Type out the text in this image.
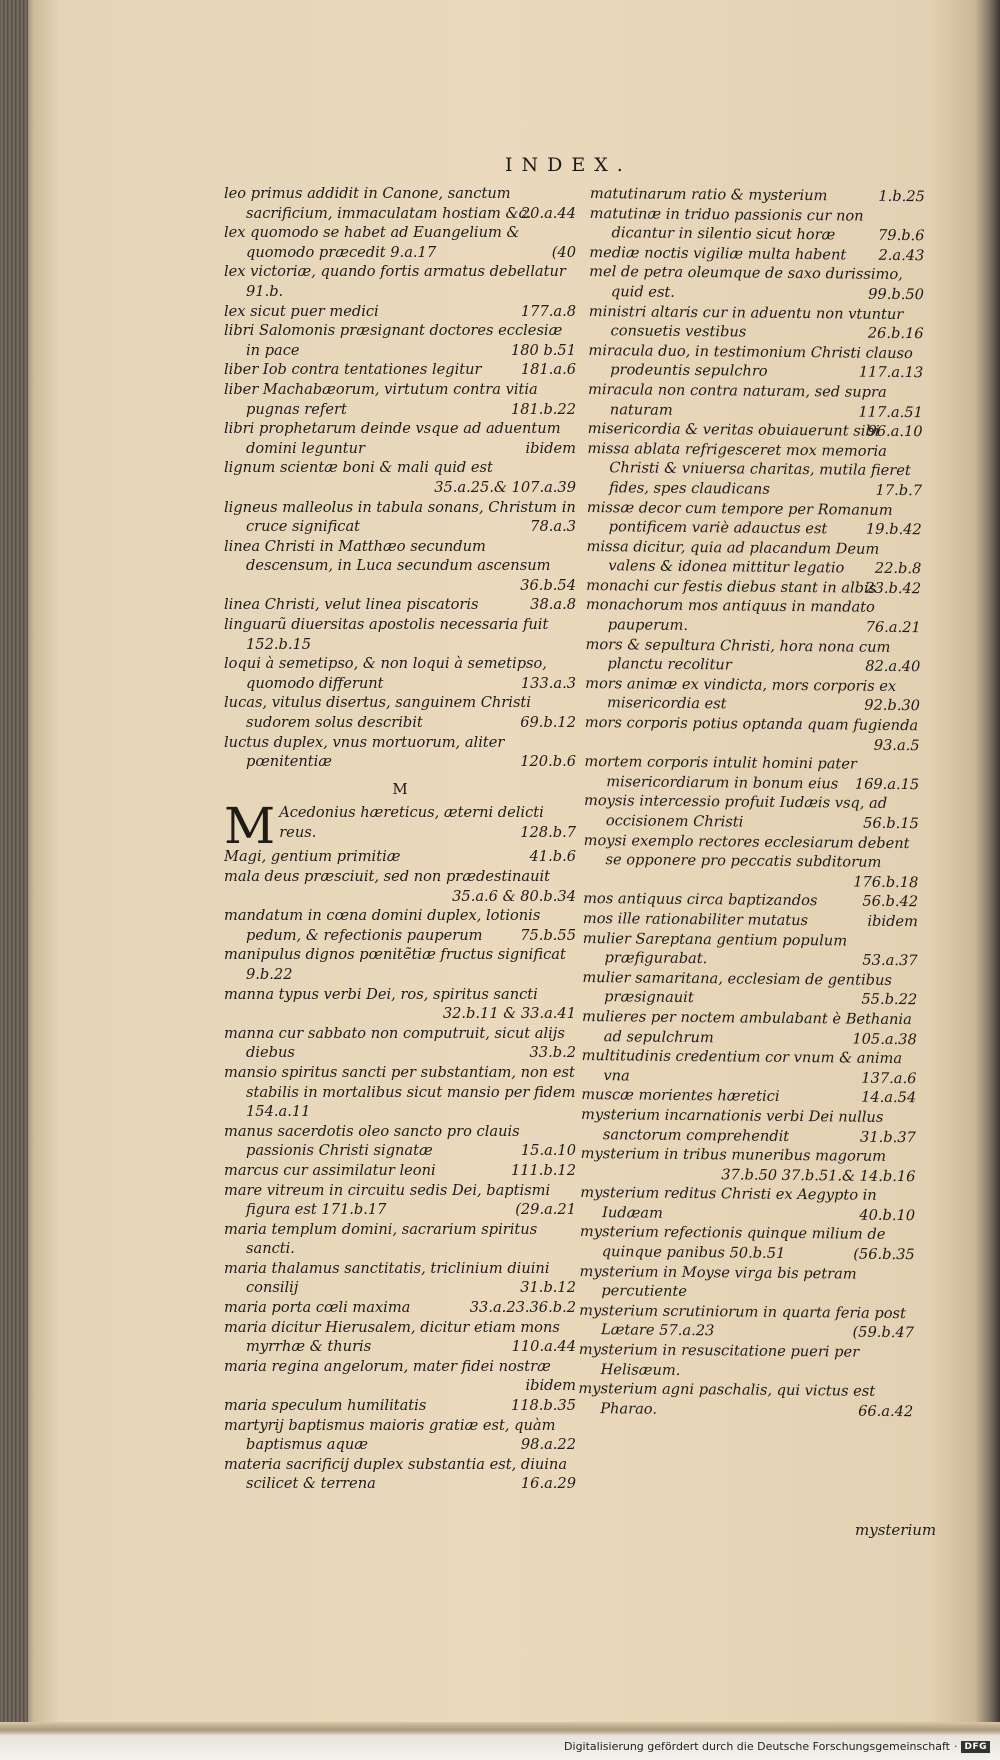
INDEX.

leo primus addidit in Canone, sanctum sacrificium, immaculatam hostiam &c.
20.a.44

lex quomodo se habet ad Euangelium & quomodo præcedit 9.a.17	(40

lex victoriæ, quando fortis armatus debellatur 91.b.

lex sicut puer medici	177.a.8

libri Salomonis præsignant doctores ecclesiæ in pace	180 b.51

liber Iob contra tentationes legitur	181.a.6

liber Machabæorum, virtutum contra vitia pugnas refert	181.b.22

libri prophetarum deinde vsque ad aduentum domini leguntur	ibidem

lignum scientæ boni & mali quid est
35.a.25.& 107.a.39

ligneus malleolus in tabula sonans, Christum in cruce significat	78.a.3

linea Christi in Matthæo secundum descensum, in Luca secundum ascensum
36.b.54

linea Christi, velut linea piscatoris	38.a.8

linguarũ diuersitas apostolis necessaria fuit 152.b.15

loqui à semetipso, & non loqui à semetipso, quomodo differunt	133.a.3

lucas, vitulus disertus, sanguinem Christi sudorem solus describit	69.b.12

luctus duplex, vnus mortuorum, aliter pœnitentiæ	120.b.6

M

M Acedonius hæreticus, æterni delicti reus.	128.b.7

Magi, gentium primitiæ	41.b.6

mala deus præsciuit, sed non prædestinauit
35.a.6 & 80.b.34

mandatum in cœna domini duplex, lotionis pedum, & refectionis pauperum	75.b.55

manipulus dignos pœnitẽtiæ fructus significat 9.b.22

manna typus verbi Dei, ros, spiritus sancti
32.b.11 & 33.a.41

manna cur sabbato non computruit, sicut alijs diebus	33.b.2

mansio spiritus sancti per substantiam, non est stabilis in mortalibus sicut mansio per fidem 154.a.11

manus sacerdotis oleo sancto pro clauis passionis Christi signatæ	15.a.10

marcus cur assimilatur leoni	111.b.12

mare vitreum in circuitu sedis Dei, baptismi figura est 171.b.17	(29.a.21

maria templum domini, sacrarium spiritus sancti.

maria thalamus sanctitatis, triclinium diuini consilij	31.b.12

maria porta cœli maxima	33.a.23.36.b.2

maria dicitur Hierusalem, dicitur etiam mons myrrhæ & thuris	110.a.44

maria regina angelorum, mater fidei nostræ
ibidem

maria speculum humilitatis	118.b.35

martyrij baptismus maioris gratiæ est, quàm baptismus aquæ	98.a.22

materia sacrificij duplex substantia est, diuina scilicet & terrena	16.a.29

matutinarum ratio & mysterium	1.b.25

matutinæ in triduo passionis cur non dicantur in silentio sicut horæ	79.b.6

mediæ noctis vigiliæ multa habent 2.a.43

mel de petra oleumque de saxo durissimo, quid est.	99.b.50

ministri altaris cur in aduentu non vtuntur consuetis vestibus	26.b.16

miracula duo, in testimonium Christi clauso prodeuntis sepulchro	117.a.13

miracula non contra naturam, sed supra naturam	117.a.51

misericordia & veritas obuiauerunt sibi
96.a.10

missa ablata refrigesceret mox memoria Christi & vniuersa charitas, mutila fieret fides, spes claudicans	17.b.7

missæ decor cum tempore per Romanum pontificem variè adauctus est	19.b.42

missa dicitur, quia ad placandum Deum valens & idonea mittitur legatio 22.b.8

monachi cur festis diebus stant in albis
23.b.42

monachorum mos antiquus in mandato pauperum.	76.a.21

mors & sepultura Christi, hora nona cum planctu recolitur	82.a.40

mors animæ ex vindicta, mors corporis ex misericordia est	92.b.30

mors corporis potius optanda quam fugienda
93.a.5

mortem corporis intulit homini pater misericordiarum in bonum eius 169.a.15

moysis intercessio profuit Iudæis vsq, ad occisionem Christi	56.b.15

moysi exemplo rectores ecclesiarum debent se opponere pro peccatis subditorum
176.b.18

mos antiquus circa baptizandos	56.b.42

mos ille rationabiliter mutatus	ibidem

mulier Sareptana gentium populum præfigurabat.	53.a.37

mulier samaritana, ecclesiam de gentibus præsignauit	55.b.22

mulieres per noctem ambulabant è Bethania ad sepulchrum	105.a.38

multitudinis credentium cor vnum & anima vna	137.a.6

muscæ morientes hæretici	14.a.54

mysterium incarnationis verbi Dei nullus sanctorum comprehendit	31.b.37

mysterium in tribus muneribus magorum
37.b.50 37.b.51.& 14.b.16

mysterium reditus Christi ex Aegypto in Iudæam	40.b.10

mysterium refectionis quinque milium de quinque panibus 50.b.51	(56.b.35

mysterium in Moyse virga bis petram percutiente

mysterium scrutiniorum in quarta feria post Lætare 57.a.23	(59.b.47

mysterium in resuscitatione pueri per Helisæum.

mysterium agni paschalis, qui victus est Pharao.	66.a.42

mysterium
Digitalisierung gefördert durch die Deutsche Forschungsgemeinschaft · DFG
